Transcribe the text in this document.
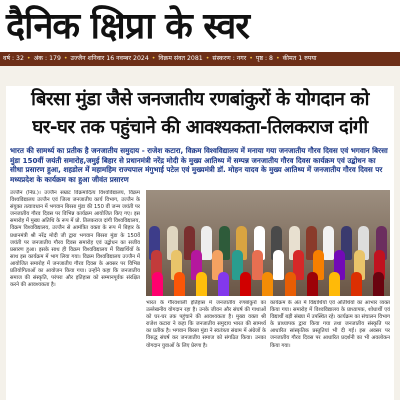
दैनिक क्षिप्रा के स्वर
वर्ष : 32 • अंक : 179 • उज्जैन शनिवार 16 नवम्बर 2024 • विक्रम संवत 2081 • संस्करण : नगर • पृष्ठ : 8 • कीमत 1 रुपया
बिरसा मुंडा जैसे जनजातीय रणबांकुरों के योगदान को
घर-घर तक पहुंचाने की आवश्यकता-तिलकराज दांगी
भारत की सामर्थ्य का प्रतीक है जनजातीय समुदाय - राजेश कटारा, विक्रम विश्वविद्यालय में मनाया गया जनजातीय गौरव दिवस एवं भगवान बिरसा मुंडा 150वीं जयंती समारोह,जमुई बिहार से प्रधानमंत्री नरेंद्र मोदी के मुख्य आतिथ्य में सम्पन्न जनजातीय गौरव दिवस कार्यक्रम एवं उद्बोधन का सीधा प्रसारण हुआ, शहडोल में महामहिम राज्यपाल मंगुभाई पटेल एवं मुख्यमंत्री डॉ. मोहन यादव के मुख्य आतिथ्य में जनजातीय गौरव दिवस पर मध्यप्रदेश के कार्यक्रम का हुआ जीवंत प्रसारण
उज्जैन (निप्र.)। उज्जैन सम्राट विक्रमादित्य विश्वविद्यालय, विक्रम विश्वविद्यालय उज्जैन एवं जिला जनजातीय कार्य विभाग, उज्जैन के संयुक्त तत्वावधान में भगवान बिरसा मुंडा की 150 वीं जन्म जयंती पर जनजातीय गौरव दिवस पर विभिन्न कार्यक्रम आयोजित किए गए। इस समारोह में मुख्य अतिथि के रूप में प्रो. तिलकराज दांगी विश्वविद्यालय, विक्रम विश्वविद्यालय, उज्जैन से आमंत्रित वक्ता के रूप में बिहार के प्रधानमंत्री श्री नरेंद्र मोदी जी द्वारा भगवान बिरसा मुंडा के 150वें जयंती पर जनजातीय गौरव दिवस समारोह एवं उद्बोधन का सजीव प्रसारण हुआ। इसके साथ ही विक्रम विश्वविद्यालय में विद्यार्थियों के साथ इस कार्यक्रम में भाग लिया गया। विक्रम विश्वविद्यालय उज्जैन में आयोजित समारोह में जनजातीय गौरव दिवस के अवसर पर विभिन्न प्रतियोगिताओं का आयोजन किया गया। उन्होंने कहा कि जनजातीय समाज की संस्कृति, परंपरा और इतिहास को सम्मानपूर्वक संरक्षित करने की आवश्यकता है।
भारत के गौरवशाली इतिहास में जनजातीय रणबांकुरों का उल्लेखनीय योगदान रहा है। उनके जीवन और संघर्ष की गाथाओं को घर-घर तक पहुंचाने की आवश्यकता है। मुख्य वक्ता श्री राजेश कटारा ने कहा कि जनजातीय समुदाय भारत की सामर्थ्य का प्रतीक है। भगवान बिरसा मुंडा ने स्वतंत्रता संग्राम में अंग्रेजों के विरुद्ध संघर्ष कर जनजातीय समाज को संगठित किया। उनका योगदान युवाओं के लिए प्रेरणा है।
कार्यक्रम के अंत में विद्यार्थियों एवं अतिथियों का आभार व्यक्त किया गया। समारोह में विश्वविद्यालय के प्राध्यापक, शोधार्थी एवं विद्यार्थी बड़ी संख्या में उपस्थित रहे। कार्यक्रम का संचालन विभाग के प्राध्यापक द्वारा किया गया तथा जनजातीय संस्कृति पर आधारित सांस्कृतिक प्रस्तुतियां भी दी गईं। इस अवसर पर जनजातीय गौरव दिवस पर आधारित प्रदर्शनी का भी अवलोकन किया गया।
